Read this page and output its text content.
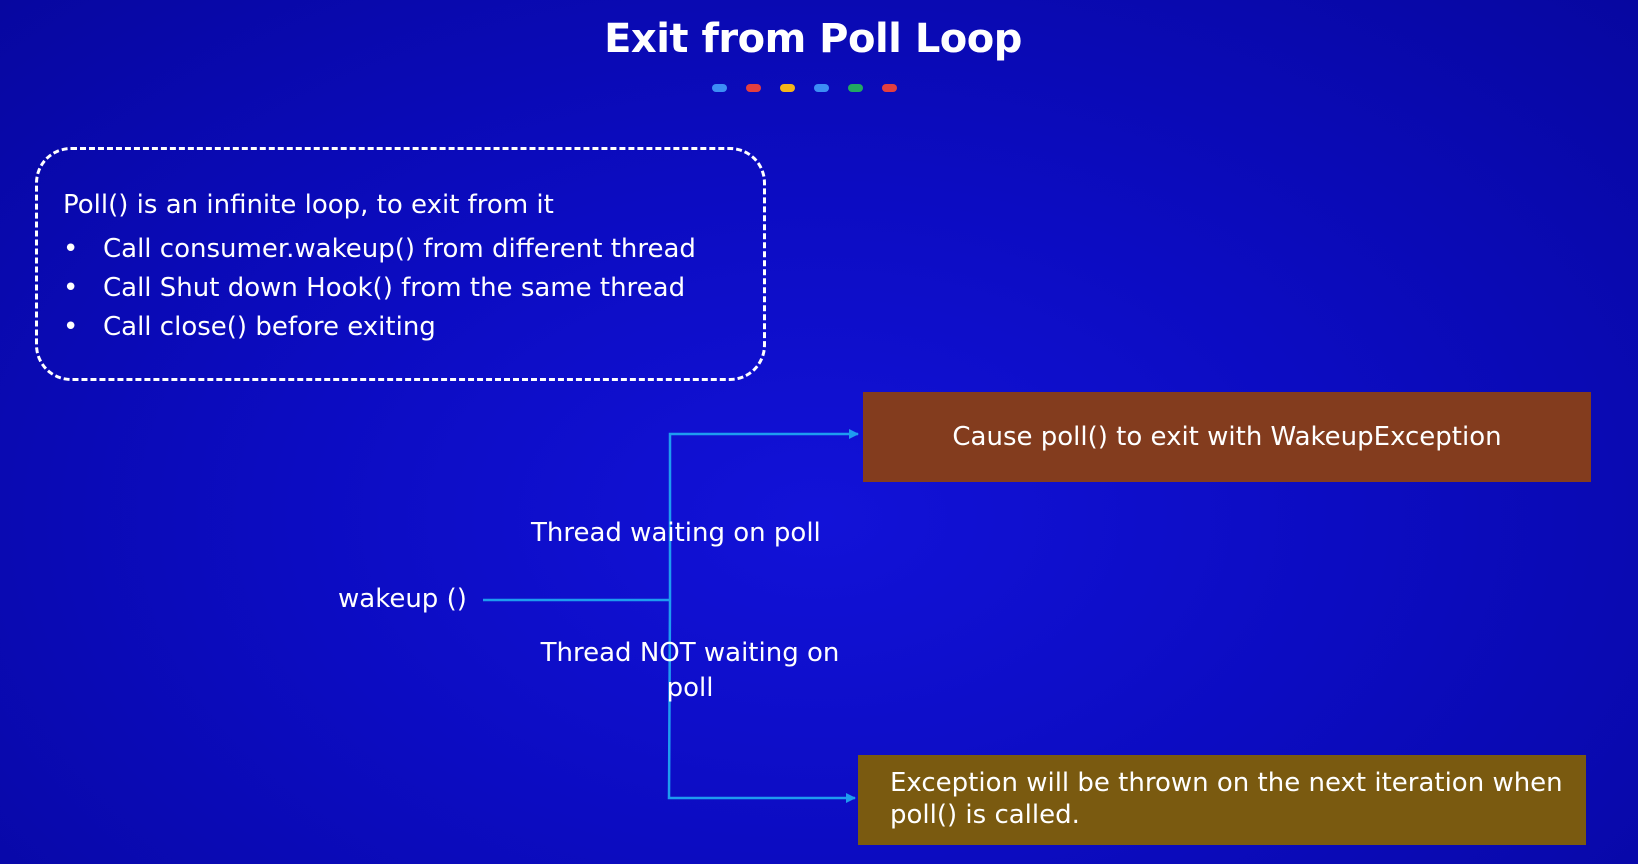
Exit from Poll Loop
Poll() is an infinite loop, to exit from it
• Call consumer.wakeup() from different thread
• Call Shut down Hook() from the same thread
• Call close() before exiting
wakeup ()
Thread waiting on poll
Thread NOT waiting on poll
Cause poll() to exit with WakeupException
Exception will be thrown on the next iteration when poll() is called.
